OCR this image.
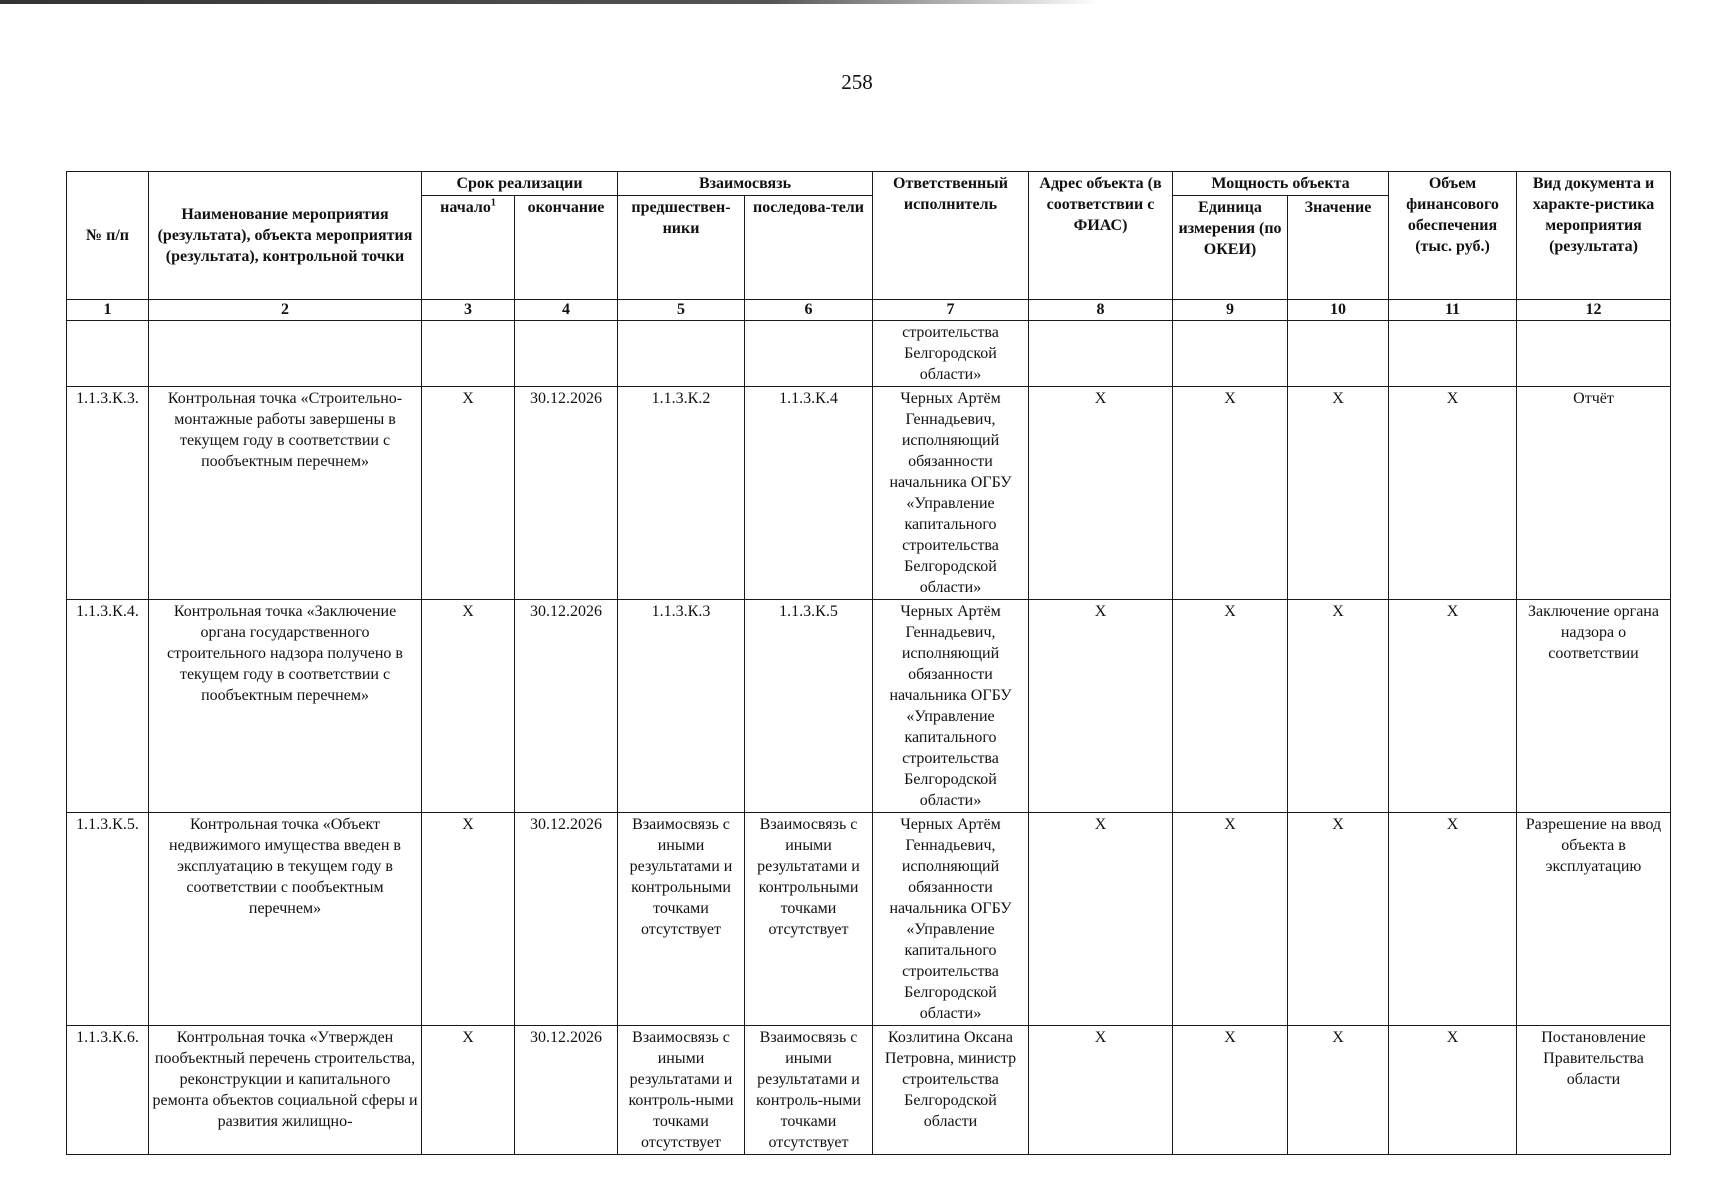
258
№ п/п	Наименование мероприятия (результата), объекта мероприятия (результата), контрольной точки	Срок реализации		Взаимосвязь		Ответственный исполнитель	Адрес объекта (в соответствии с ФИАС)	Мощность объекта		Объем финансового обеспечения (тыс. руб.)	Вид документа и характе-ристика мероприятия (результата)
		начало$^1$	окончание	предшествен-ники	последова-тели			Единица измерения (по ОКЕИ)	Значение		
1	2	3	4	5	6	7	8	9	10	11	12
						строительства Белгородской области»					
1.1.3.К.3.	Контрольная точка «Строительно-монтажные работы завершены в текущем году в соответствии с пообъектным перечнем»	X	30.12.2026	1.1.3.К.2	1.1.3.К.4	Черных Артём Геннадьевич, исполняющий обязанности начальника ОГБУ «Управление капитального строительства Белгородской области»	X	X	X	X	Отчёт
1.1.3.К.4.	Контрольная точка «Заключение органа государственного строительного надзора получено в текущем году в соответствии с пообъектным перечнем»	X	30.12.2026	1.1.3.К.3	1.1.3.К.5	Черных Артём Геннадьевич, исполняющий обязанности начальника ОГБУ «Управление капитального строительства Белгородской области»	X	X	X	X	Заключение органа надзора о соответствии
1.1.3.К.5.	Контрольная точка «Объект недвижимого имущества введен в эксплуатацию в текущем году в соответствии с пообъектным перечнем»	X	30.12.2026	Взаимосвязь с иными результатами и контрольными точками отсутствует	Взаимосвязь с иными результатами и контрольными точками отсутствует	Черных Артём Геннадьевич, исполняющий обязанности начальника ОГБУ «Управление капитального строительства Белгородской области»	X	X	X	X	Разрешение на ввод объекта в эксплуатацию
1.1.3.К.6.	Контрольная точка «Утвержден пообъектный перечень строительства, реконструкции и капитального ремонта объектов социальной сферы и развития жилищно-	X	30.12.2026	Взаимосвязь с иными результатами и контроль-ными точками отсутствует	Взаимосвязь с иными результатами и контроль-ными точками отсутствует	Козлитина Оксана Петровна, министр строительства Белгородской области	X	X	X	X	Постановление Правительства области
